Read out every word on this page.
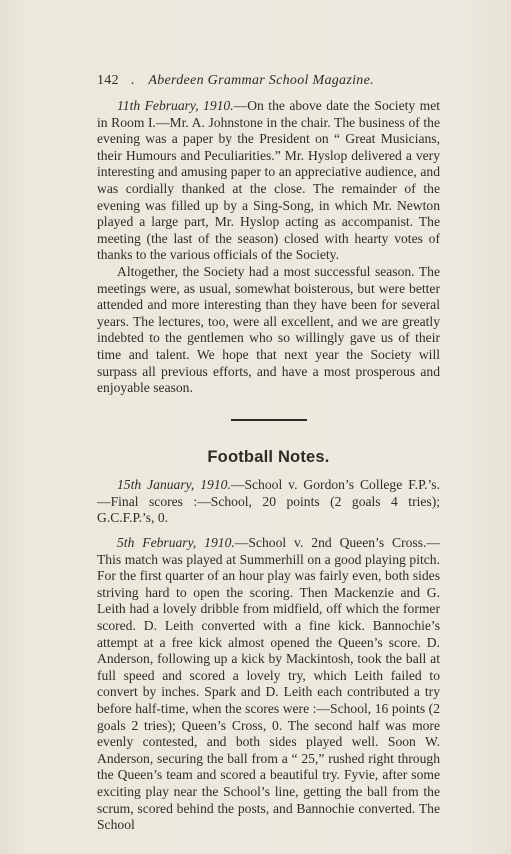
142 . Aberdeen Grammar School Magazine.

11th February, 1910.—On the above date the Society met in Room I.—Mr. A. Johnstone in the chair. The business of the evening was a paper by the President on “ Great Musicians, their Humours and Peculiarities.” Mr. Hyslop delivered a very interesting and amusing paper to an appreciative audience, and was cordially thanked at the close. The remainder of the evening was filled up by a Sing-Song, in which Mr. Newton played a large part, Mr. Hyslop acting as accompanist. The meeting (the last of the season) closed with hearty votes of thanks to the various officials of the Society.

Altogether, the Society had a most successful season. The meetings were, as usual, somewhat boisterous, but were better attended and more interesting than they have been for several years. The lectures, too, were all excellent, and we are greatly indebted to the gentlemen who so willingly gave us of their time and talent. We hope that next year the Society will surpass all previous efforts, and have a most prosperous and enjoyable season.

Football Notes.

15th January, 1910.—School v. Gordon’s College F.P.’s. —Final scores :—School, 20 points (2 goals 4 tries); G.C.F.P.’s, 0.

5th February, 1910.—School v. 2nd Queen’s Cross.— This match was played at Summerhill on a good playing pitch. For the first quarter of an hour play was fairly even, both sides striving hard to open the scoring. Then Mackenzie and G. Leith had a lovely dribble from midfield, off which the former scored. D. Leith converted with a fine kick. Bannochie’s attempt at a free kick almost opened the Queen’s score. D. Anderson, following up a kick by Mackintosh, took the ball at full speed and scored a lovely try, which Leith failed to convert by inches. Spark and D. Leith each contributed a try before half-time, when the scores were :—School, 16 points (2 goals 2 tries); Queen’s Cross, 0. The second half was more evenly contested, and both sides played well. Soon W. Anderson, securing the ball from a “ 25,” rushed right through the Queen’s team and scored a beautiful try. Fyvie, after some exciting play near the School’s line, getting the ball from the scrum, scored behind the posts, and Bannochie converted. The School
